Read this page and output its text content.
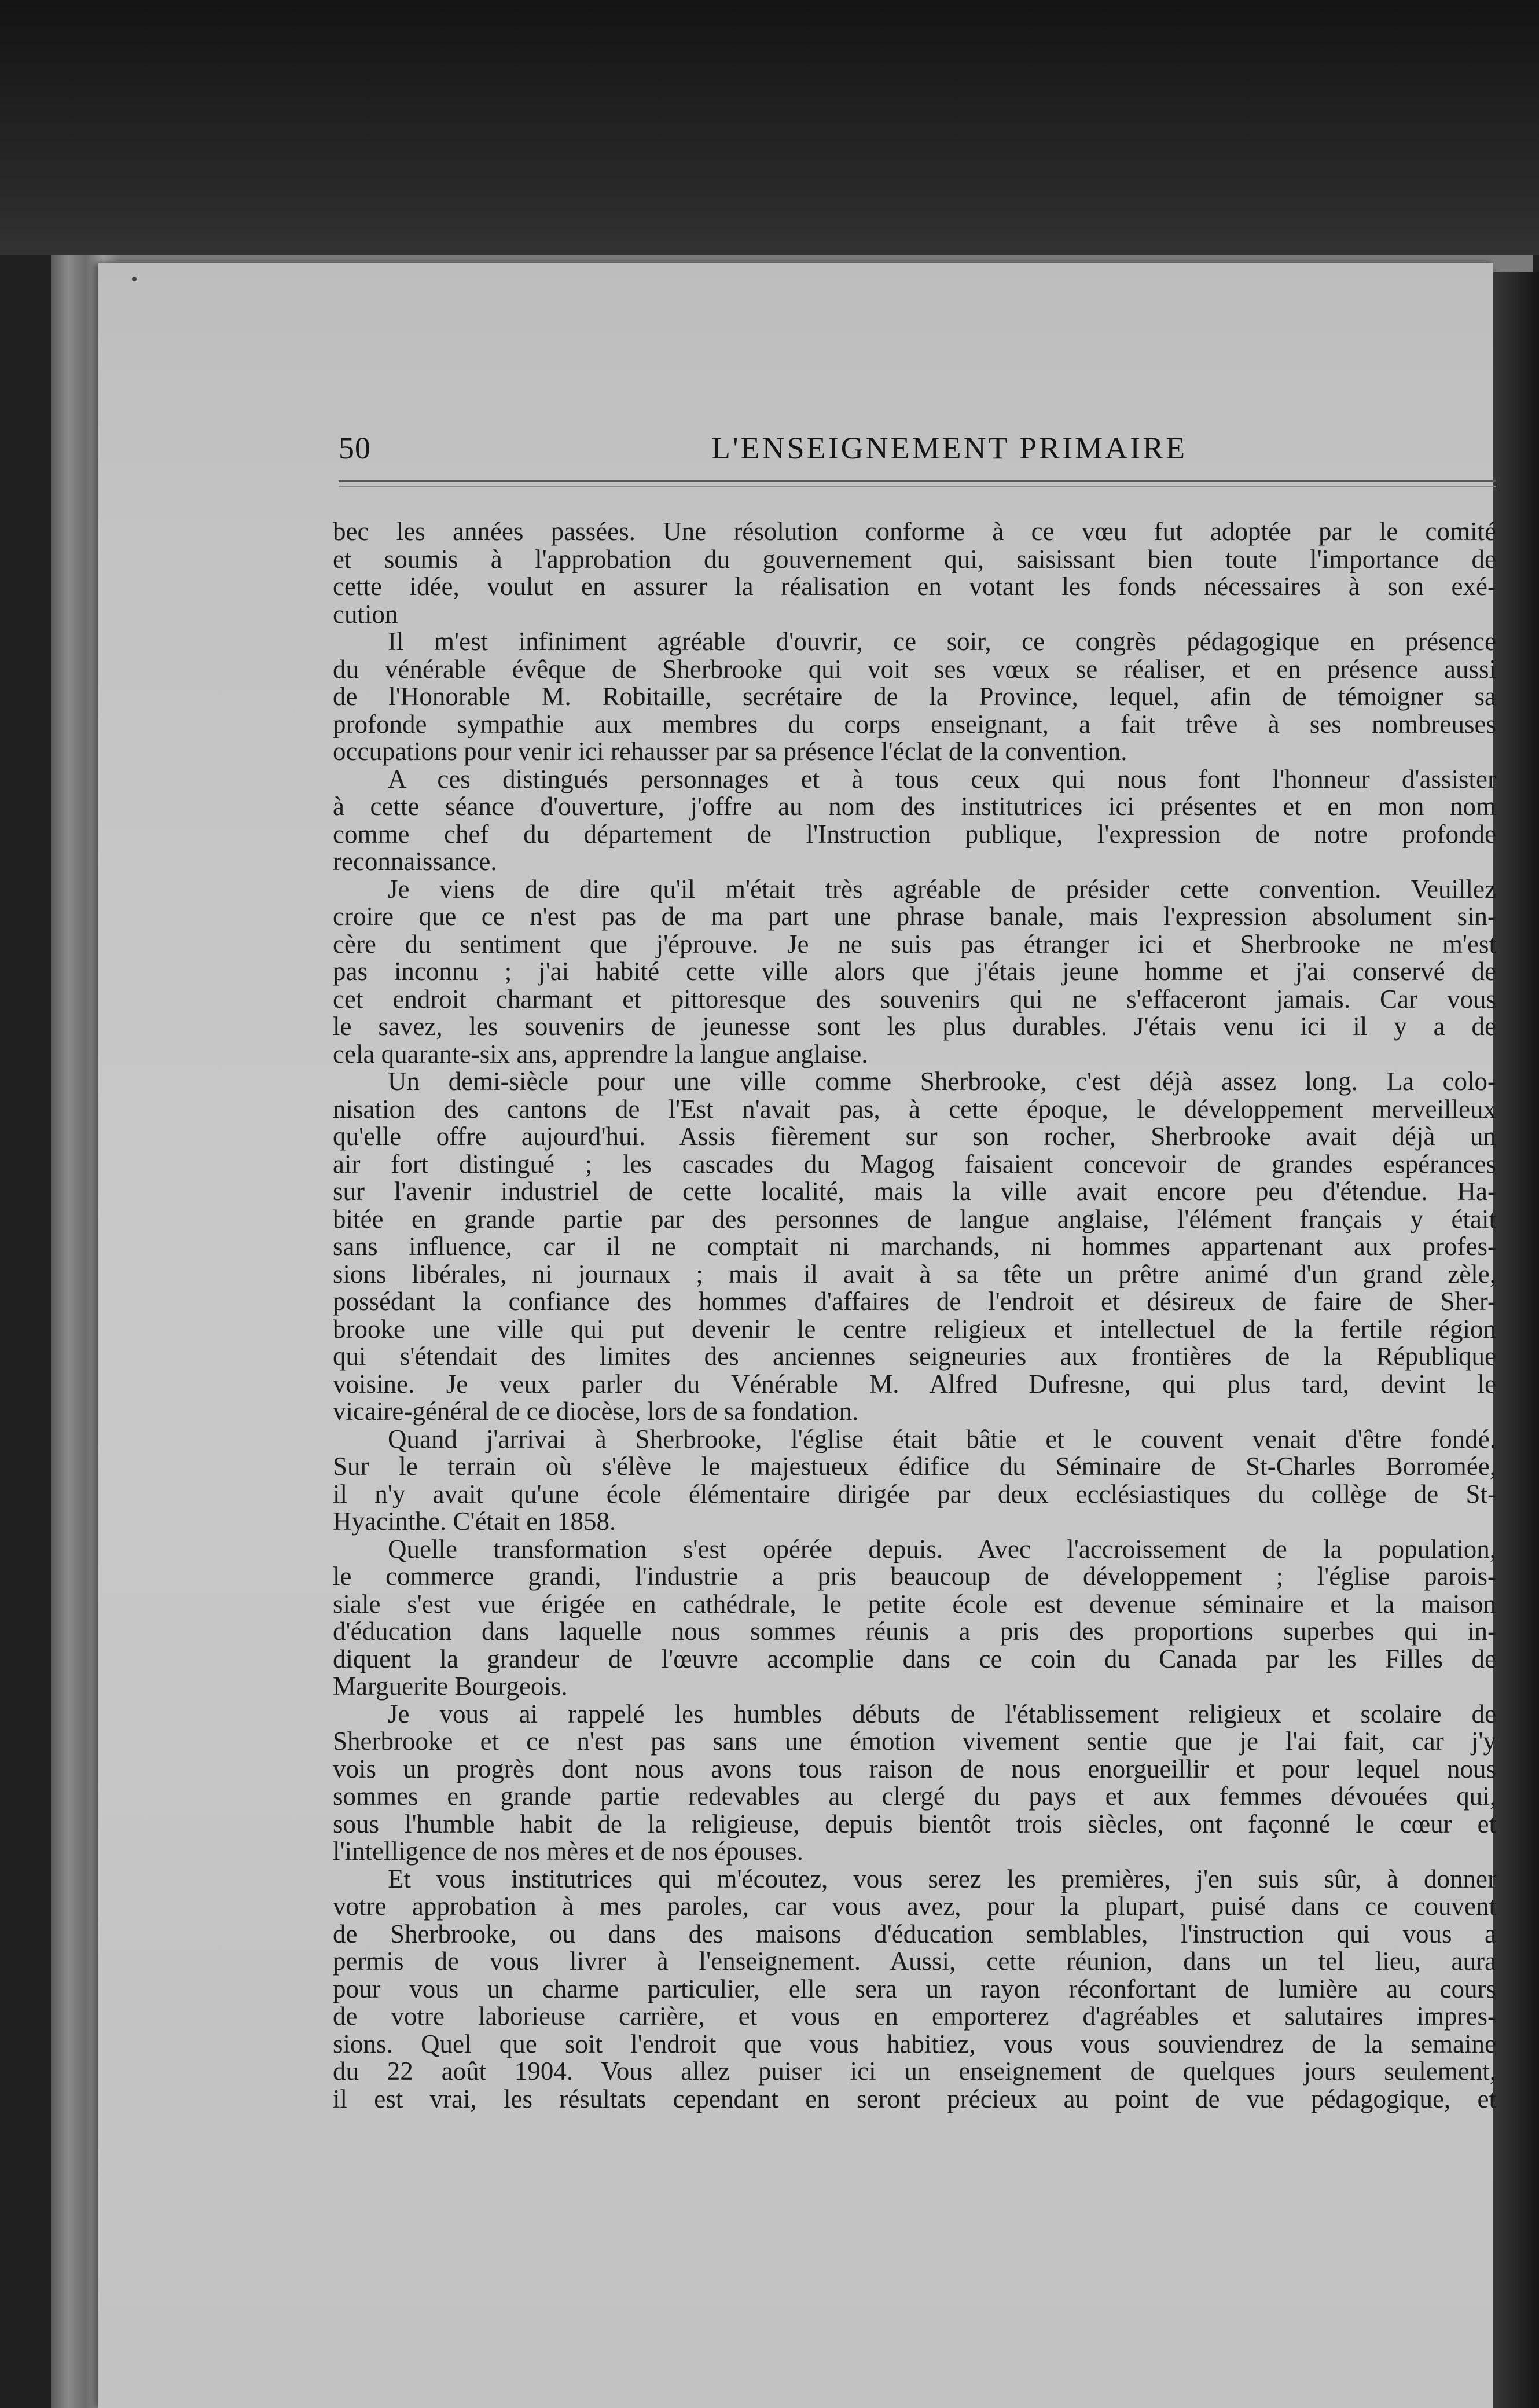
50	L'ENSEIGNEMENT PRIMAIRE
bec les années passées. Une résolution conforme à ce vœu fut adoptée par le comité
et soumis à l'approbation du gouvernement qui, saisissant bien toute l'importance de
cette idée, voulut en assurer la réalisation en votant les fonds nécessaires à son exé-
cution
Il m'est infiniment agréable d'ouvrir, ce soir, ce congrès pédagogique en présence
du vénérable évêque de Sherbrooke qui voit ses vœux se réaliser, et en présence aussi
de l'Honorable M. Robitaille, secrétaire de la Province, lequel, afin de témoigner sa
profonde sympathie aux membres du corps enseignant, a fait trêve à ses nombreuses
occupations pour venir ici rehausser par sa présence l'éclat de la convention.
A ces distingués personnages et à tous ceux qui nous font l'honneur d'assister
à cette séance d'ouverture, j'offre au nom des institutrices ici présentes et en mon nom
comme chef du département de l'Instruction publique, l'expression de notre profonde
reconnaissance.
Je viens de dire qu'il m'était très agréable de présider cette convention. Veuillez
croire que ce n'est pas de ma part une phrase banale, mais l'expression absolument sin-
cère du sentiment que j'éprouve. Je ne suis pas étranger ici et Sherbrooke ne m'est
pas inconnu ; j'ai habité cette ville alors que j'étais jeune homme et j'ai conservé de
cet endroit charmant et pittoresque des souvenirs qui ne s'effaceront jamais. Car vous
le savez, les souvenirs de jeunesse sont les plus durables. J'étais venu ici il y a de
cela quarante-six ans, apprendre la langue anglaise.
Un demi-siècle pour une ville comme Sherbrooke, c'est déjà assez long. La colo-
nisation des cantons de l'Est n'avait pas, à cette époque, le développement merveilleux
qu'elle offre aujourd'hui. Assis fièrement sur son rocher, Sherbrooke avait déjà un
air fort distingué ; les cascades du Magog faisaient concevoir de grandes espérances
sur l'avenir industriel de cette localité, mais la ville avait encore peu d'étendue. Ha-
bitée en grande partie par des personnes de langue anglaise, l'élément français y était
sans influence, car il ne comptait ni marchands, ni hommes appartenant aux profes-
sions libérales, ni journaux ; mais il avait à sa tête un prêtre animé d'un grand zèle,
possédant la confiance des hommes d'affaires de l'endroit et désireux de faire de Sher-
brooke une ville qui put devenir le centre religieux et intellectuel de la fertile région
qui s'étendait des limites des anciennes seigneuries aux frontières de la République
voisine. Je veux parler du Vénérable M. Alfred Dufresne, qui plus tard, devint le
vicaire-général de ce diocèse, lors de sa fondation.
Quand j'arrivai à Sherbrooke, l'église était bâtie et le couvent venait d'être fondé.
Sur le terrain où s'élève le majestueux édifice du Séminaire de St-Charles Borromée,
il n'y avait qu'une école élémentaire dirigée par deux ecclésiastiques du collège de St-
Hyacinthe. C'était en 1858.
Quelle transformation s'est opérée depuis. Avec l'accroissement de la population,
le commerce grandi, l'industrie a pris beaucoup de développement ; l'église parois-
siale s'est vue érigée en cathédrale, le petite école est devenue séminaire et la maison
d'éducation dans laquelle nous sommes réunis a pris des proportions superbes qui in-
diquent la grandeur de l'œuvre accomplie dans ce coin du Canada par les Filles de
Marguerite Bourgeois.
Je vous ai rappelé les humbles débuts de l'établissement religieux et scolaire de
Sherbrooke et ce n'est pas sans une émotion vivement sentie que je l'ai fait, car j'y
vois un progrès dont nous avons tous raison de nous enorgueillir et pour lequel nous
sommes en grande partie redevables au clergé du pays et aux femmes dévouées qui,
sous l'humble habit de la religieuse, depuis bientôt trois siècles, ont façonné le cœur et
l'intelligence de nos mères et de nos épouses.
Et vous institutrices qui m'écoutez, vous serez les premières, j'en suis sûr, à donner
votre approbation à mes paroles, car vous avez, pour la plupart, puisé dans ce couvent
de Sherbrooke, ou dans des maisons d'éducation semblables, l'instruction qui vous a
permis de vous livrer à l'enseignement. Aussi, cette réunion, dans un tel lieu, aura
pour vous un charme particulier, elle sera un rayon réconfortant de lumière au cours
de votre laborieuse carrière, et vous en emporterez d'agréables et salutaires impres-
sions. Quel que soit l'endroit que vous habitiez, vous vous souviendrez de la semaine
du 22 août 1904. Vous allez puiser ici un enseignement de quelques jours seulement,
il est vrai, les résultats cependant en seront précieux au point de vue pédagogique, et
